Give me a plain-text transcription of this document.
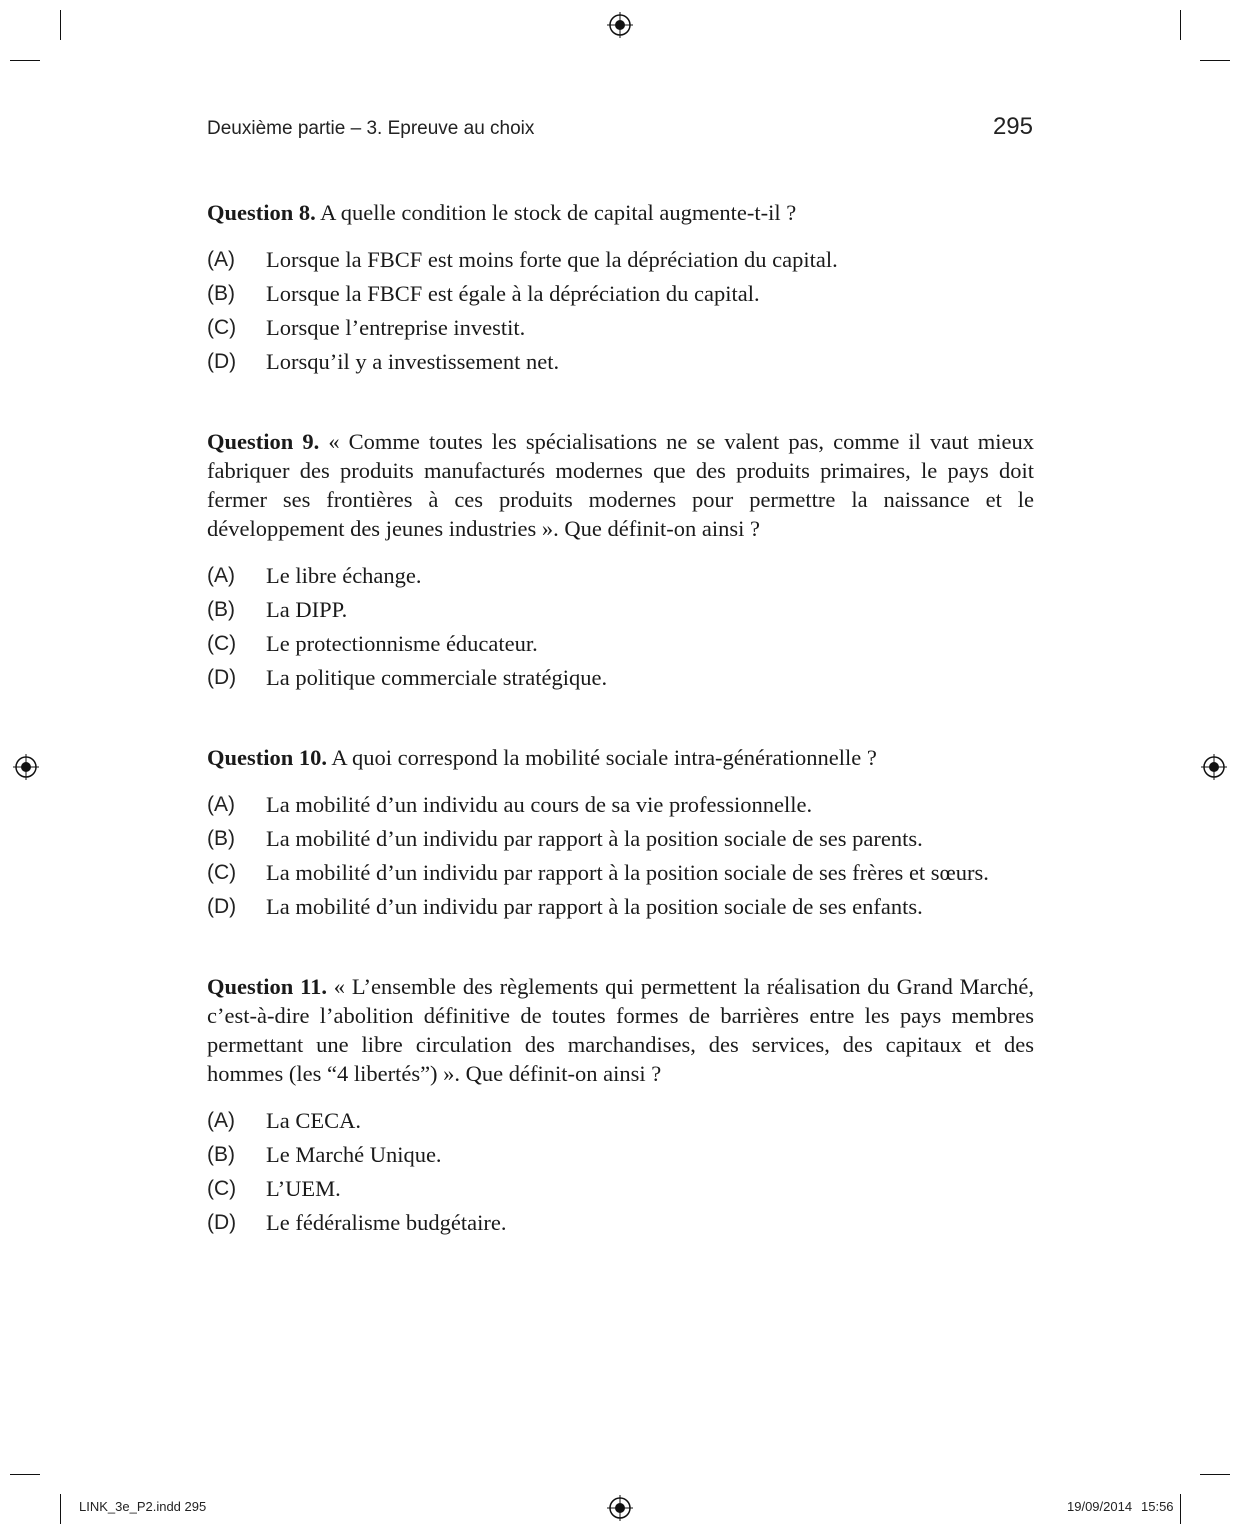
Deuxième partie – 3. Epreuve au choix	295

Question 8. A quelle condition le stock de capital augmente-t-il ?

(A)	Lorsque la FBCF est moins forte que la dépréciation du capital.
(B)	Lorsque la FBCF est égale à la dépréciation du capital.
(C)	Lorsque l’entreprise investit.
(D)	Lorsqu’il y a investissement net.

Question 9. « Comme toutes les spécialisations ne se valent pas, comme il vaut mieux fabriquer des produits manufacturés modernes que des produits primaires, le pays doit fermer ses frontières à ces produits modernes pour permettre la naissance et le développement des jeunes industries ». Que définit-on ainsi ?

(A)	Le libre échange.
(B)	La DIPP.
(C)	Le protectionnisme éducateur.
(D)	La politique commerciale stratégique.

Question 10. A quoi correspond la mobilité sociale intra-générationnelle ?

(A)	La mobilité d’un individu au cours de sa vie professionnelle.
(B)	La mobilité d’un individu par rapport à la position sociale de ses parents.
(C)	La mobilité d’un individu par rapport à la position sociale de ses frères et sœurs.
(D)	La mobilité d’un individu par rapport à la position sociale de ses enfants.

Question 11. « L’ensemble des règlements qui permettent la réalisation du Grand Marché, c’est-à-dire l’abolition définitive de toutes formes de barrières entre les pays membres permettant une libre circulation des marchandises, des services, des capitaux et des hommes (les “4 libertés”) ». Que définit-on ainsi ?

(A)	La CECA.
(B)	Le Marché Unique.
(C)	L’UEM.
(D)	Le fédéralisme budgétaire.
LINK_3e_P2.indd 295	19/09/2014 15:56
